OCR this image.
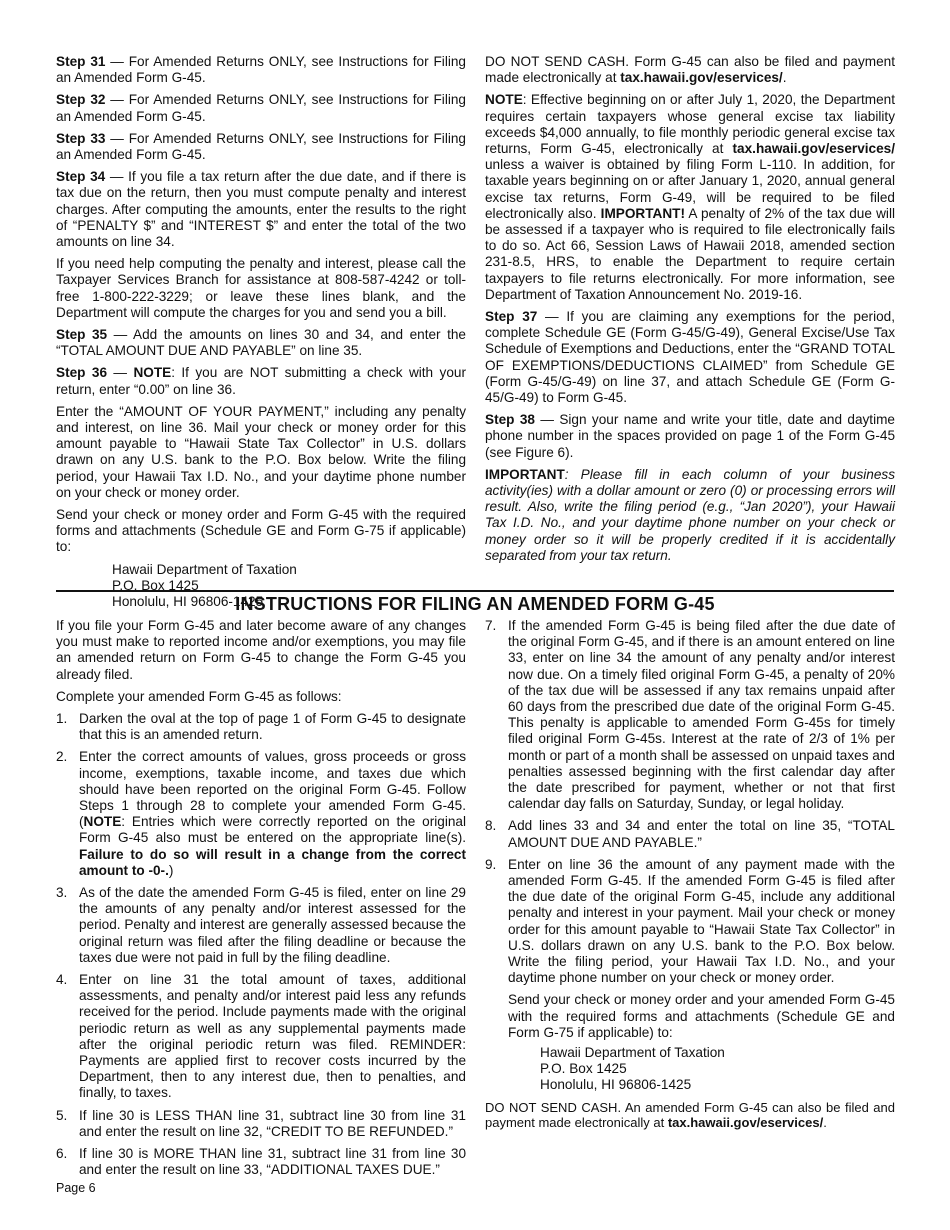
Step 31 — For Amended Returns ONLY, see Instructions for Filing an Amended Form G-45.

Step 32 — For Amended Returns ONLY, see Instructions for Filing an Amended Form G-45.

Step 33 — For Amended Returns ONLY, see Instructions for Filing an Amended Form G-45.

Step 34 — If you file a tax return after the due date, and if there is tax due on the return, then you must compute penalty and interest charges. After computing the amounts, enter the results to the right of “PENALTY $” and “INTEREST $” and enter the total of the two amounts on line 34.

If you need help computing the penalty and interest, please call the Taxpayer Services Branch for assistance at 808-587-4242 or toll-free 1-800-222-3229; or leave these lines blank, and the Department will compute the charges for you and send you a bill.

Step 35 — Add the amounts on lines 30 and 34, and enter the “TOTAL AMOUNT DUE AND PAYABLE” on line 35.

Step 36 — NOTE: If you are NOT submitting a check with your return, enter “0.00” on line 36.

Enter the “AMOUNT OF YOUR PAYMENT,” including any penalty and interest, on line 36. Mail your check or money order for this amount payable to “Hawaii State Tax Collector” in U.S. dollars drawn on any U.S. bank to the P.O. Box below. Write the filing period, your Hawaii Tax I.D. No., and your daytime phone number on your check or money order.

Send your check or money order and Form G-45 with the required forms and attachments (Schedule GE and Form G-75 if applicable) to:

Hawaii Department of Taxation
P.O. Box 1425
Honolulu, HI 96806-1425

DO NOT SEND CASH. Form G-45 can also be filed and payment made electronically at tax.hawaii.gov/eservices/.

NOTE: Effective beginning on or after July 1, 2020, the Department requires certain taxpayers whose general excise tax liability exceeds $4,000 annually, to file monthly periodic general excise tax returns, Form G-45, electronically at tax.hawaii.gov/eservices/ unless a waiver is obtained by filing Form L-110. In addition, for taxable years beginning on or after January 1, 2020, annual general excise tax returns, Form G-49, will be required to be filed electronically also. IMPORTANT! A penalty of 2% of the tax due will be assessed if a taxpayer who is required to file electronically fails to do so. Act 66, Session Laws of Hawaii 2018, amended section 231-8.5, HRS, to enable the Department to require certain taxpayers to file returns electronically. For more information, see Department of Taxation Announcement No. 2019-16.

Step 37 — If you are claiming any exemptions for the period, complete Schedule GE (Form G-45/G-49), General Excise/Use Tax Schedule of Exemptions and Deductions, enter the “GRAND TOTAL OF EXEMPTIONS/DEDUCTIONS CLAIMED” from Schedule GE (Form G-45/G-49) on line 37, and attach Schedule GE (Form G-45/G-49) to Form G-45.

Step 38 — Sign your name and write your title, date and daytime phone number in the spaces provided on page 1 of the Form G-45 (see Figure 6).

IMPORTANT: Please fill in each column of your business activity(ies) with a dollar amount or zero (0) or processing errors will result. Also, write the filing period (e.g., “Jan 2020”), your Hawaii Tax I.D. No., and your daytime phone number on your check or money order so it will be properly credited if it is accidentally separated from your tax return.

INSTRUCTIONS FOR FILING AN AMENDED FORM G-45

If you file your Form G-45 and later become aware of any changes you must make to reported income and/or exemptions, you may file an amended return on Form G-45 to change the Form G-45 you already filed.

Complete your amended Form G-45 as follows:

1. Darken the oval at the top of page 1 of Form G-45 to designate that this is an amended return.
2. Enter the correct amounts of values, gross proceeds or gross income, exemptions, taxable income, and taxes due which should have been reported on the original Form G-45. Follow Steps 1 through 28 to complete your amended Form G-45. (NOTE: Entries which were correctly reported on the original Form G-45 also must be entered on the appropriate line(s). Failure to do so will result in a change from the correct amount to -0-.)
3. As of the date the amended Form G-45 is filed, enter on line 29 the amounts of any penalty and/or interest assessed for the period. Penalty and interest are generally assessed because the original return was filed after the filing deadline or because the taxes due were not paid in full by the filing deadline.
4. Enter on line 31 the total amount of taxes, additional assessments, and penalty and/or interest paid less any refunds received for the period. Include payments made with the original periodic return as well as any supplemental payments made after the original periodic return was filed. REMINDER: Payments are applied first to recover costs incurred by the Department, then to any interest due, then to penalties, and finally, to taxes.
5. If line 30 is LESS THAN line 31, subtract line 30 from line 31 and enter the result on line 32, “CREDIT TO BE REFUNDED.”
6. If line 30 is MORE THAN line 31, subtract line 31 from line 30 and enter the result on line 33, “ADDITIONAL TAXES DUE.”
7. If the amended Form G-45 is being filed after the due date of the original Form G-45, and if there is an amount entered on line 33, enter on line 34 the amount of any penalty and/or interest now due. On a timely filed original Form G-45, a penalty of 20% of the tax due will be assessed if any tax remains unpaid after 60 days from the prescribed due date of the original Form G-45. This penalty is applicable to amended Form G-45s for timely filed original Form G-45s. Interest at the rate of 2/3 of 1% per month or part of a month shall be assessed on unpaid taxes and penalties assessed beginning with the first calendar day after the date prescribed for payment, whether or not that first calendar day falls on Saturday, Sunday, or legal holiday.
8. Add lines 33 and 34 and enter the total on line 35, “TOTAL AMOUNT DUE AND PAYABLE.”
9. Enter on line 36 the amount of any payment made with the amended Form G-45. If the amended Form G-45 is filed after the due date of the original Form G-45, include any additional penalty and interest in your payment. Mail your check or money order for this amount payable to “Hawaii State Tax Collector” in U.S. dollars drawn on any U.S. bank to the P.O. Box below. Write the filing period, your Hawaii Tax I.D. No., and your daytime phone number on your check or money order.
Send your check or money order and your amended Form G-45 with the required forms and attachments (Schedule GE and Form G-75 if applicable) to:
Hawaii Department of Taxation
P.O. Box 1425
Honolulu, HI 96806-1425

DO NOT SEND CASH. An amended Form G-45 can also be filed and payment made electronically at tax.hawaii.gov/eservices/.

Page 6
